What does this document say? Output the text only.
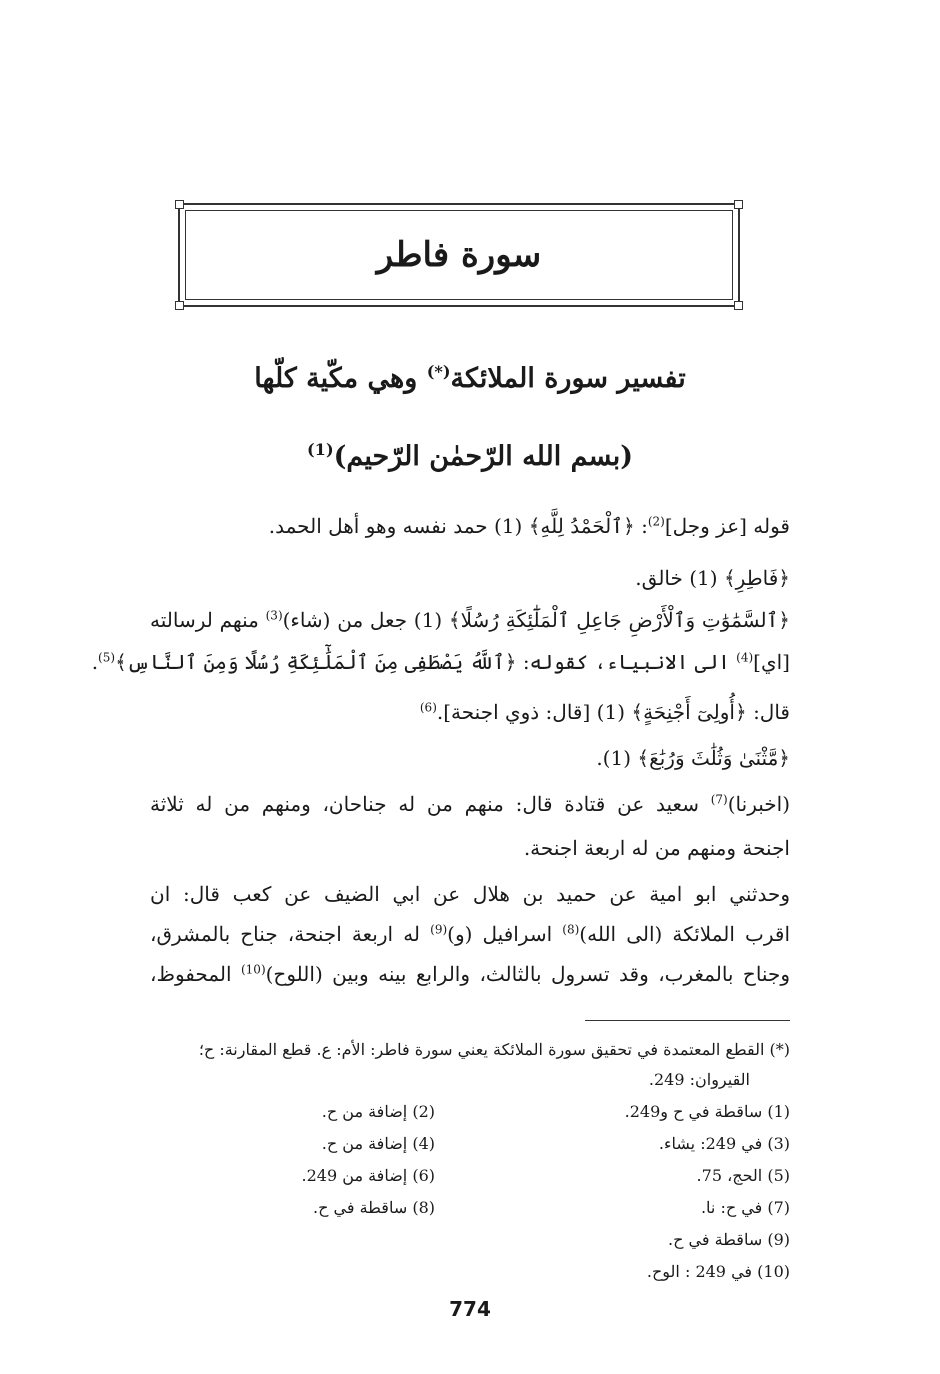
سورة فاطر
تفسير سورة الملائكة(*) وهي مكّية كلّها
(بسم الله الرّحمٰن الرّحيم)$^{(1)}$
قوله [عز وجل]$^{(2)}$: ﴿ٱلْحَمْدُ لِلَّهِ﴾ (1) حمد نفسه وهو أهل الحمد.
﴿فَاطِرِ﴾ (1) خالق.
﴿ٱلسَّمَٰوَٰتِ وَٱلْأَرْضِ جَاعِلِ ٱلْمَلَٰٓئِكَةِ رُسُلًا﴾ (1) جعل من (شاء)$^{(3)}$ منهم لرسالته
[اي]$^{(4)}$ الى الانبياء، كقوله: ﴿ٱللَّهُ يَصْطَفِى مِنَ ٱلْمَلَٰٓئِكَةِ رُسُلًا وَمِنَ ٱلنَّاسِ﴾$^{(5)}$.
قال: ﴿أُولِىٓ أَجْنِحَةٍ﴾ (1) [قال: ذوي اجنحة].$^{(6)}$
﴿مَّثْنَىٰ وَثُلَٰثَ وَرُبَٰعَ﴾ (1).
(اخبرنا)$^{(7)}$ سعيد عن قتادة قال: منهم من له جناحان، ومنهم من له ثلاثة
اجنحة ومنهم من له اربعة اجنحة.
وحدثني ابو امية عن حميد بن هلال عن ابي الضيف عن كعب قال: ان
اقرب الملائكة (الى الله)$^{(8)}$ اسرافيل (و)$^{(9)}$ له اربعة اجنحة، جناح بالمشرق،
وجناح بالمغرب، وقد تسرول بالثالث، والرابع بينه وبين (اللوح)$^{(10)}$ المحفوظ،
(*) القطع المعتمدة في تحقيق سورة الملائكة يعني سورة فاطر: الأم: ع. قطع المقارنة: ح؛
القيروان: 249.
(1) ساقطة في ح و249.
(2) إضافة من ح.
(3) في 249: يشاء.
(4) إضافة من ح.
(5) الحج، 75.
(6) إضافة من 249.
(7) في ح: نا.
(8) ساقطة في ح.
(9) ساقطة في ح.
(10) في 249 : الوح.
774
